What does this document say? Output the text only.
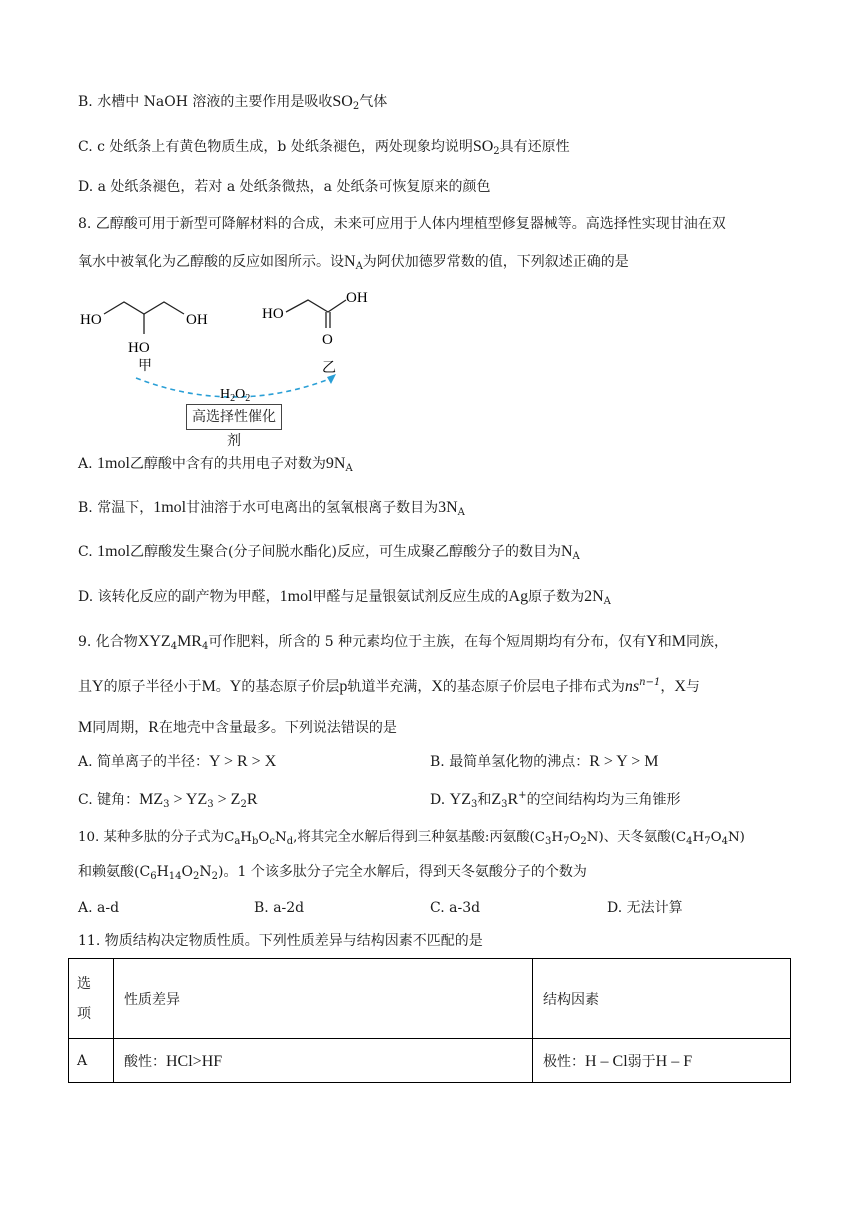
B. 水槽中 NaOH 溶液的主要作用是吸收$SO_2$气体
C. c 处纸条上有黄色物质生成，b 处纸条褪色，两处现象均说明$SO_2$具有还原性
D. a 处纸条褪色，若对 a 处纸条微热，a 处纸条可恢复原来的颜色
8. 乙醇酸可用于新型可降解材料的合成，未来可应用于人体内埋植型修复器械等。高选择性实现甘油在双
氧水中被氧化为乙醇酸的反应如图所示。设$N_A$为阿伏加德罗常数的值，下列叙述正确的是
HO	OH
HO
甲
HO
OH
O
乙
$H_2O_2$
高选择性催化剂
A. 1mol乙醇酸中含有的共用电子对数为$9N_A$
B. 常温下，1mol甘油溶于水可电离出的氢氧根离子数目为$3N_A$
C. 1mol乙醇酸发生聚合(分子间脱水酯化)反应，可生成聚乙醇酸分子的数目为$N_A$
D. 该转化反应的副产物为甲醛，1mol甲醛与足量银氨试剂反应生成的Ag原子数为$2N_A$
9. 化合物$XYZ_4MR_4$可作肥料，所含的 5 种元素均位于主族，在每个短周期均有分布，仅有Y和M同族，
且Y的原子半径小于M。Y的基态原子价层p轨道半充满，X的基态原子价层电子排布式为$ns^{n-1}$，X与
M同周期，R在地壳中含量最多。下列说法错误的是
A. 简单离子的半径：Y > R > X	B. 最简单氢化物的沸点：R > Y > M
C. 键角：$MZ_3 > YZ_3 > Z_2R$	D. $YZ_3$和$Z_3R^+$的空间结构均为三角锥形
10. 某种多肽的分子式为$C_aH_bO_cN_d$,将其完全水解后得到三种氨基酸:丙氨酸$(C_3H_7O_2N)$、天冬氨酸$(C_4H_7O_4N)$
和赖氨酸$(C_6H_{14}O_2N_2)$。1 个该多肽分子完全水解后，得到天冬氨酸分子的个数为
A. a-d	B. a-2d	C. a-3d	D. 无法计算
11. 物质结构决定物质性质。下列性质差异与结构因素不匹配的是
选
项	性质差异	结构因素
A	酸性：HCl>HF	极性：H – Cl弱于H – F
